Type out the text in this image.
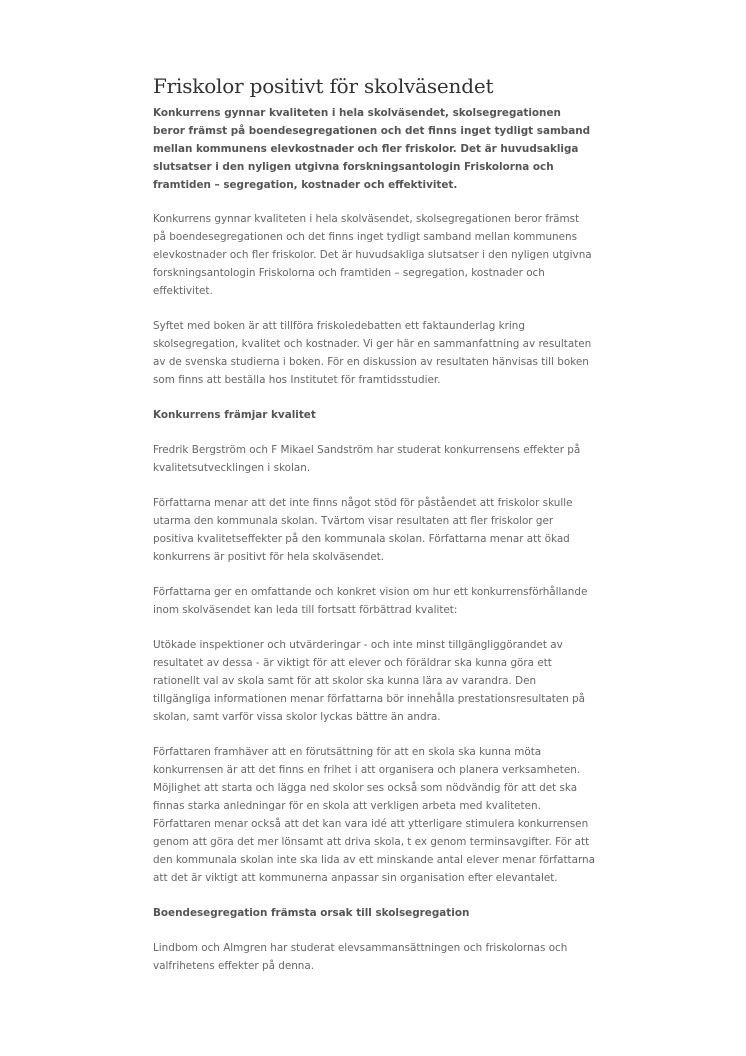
Friskolor positivt för skolväsendet

Konkurrens gynnar kvaliteten i hela skolväsendet, skolsegregationen beror främst på boendesegregationen och det finns inget tydligt samband mellan kommunens elevkostnader och fler friskolor. Det är huvudsakliga slutsatser i den nyligen utgivna forskningsantologin Friskolorna och framtiden – segregation, kostnader och effektivitet.

Konkurrens gynnar kvaliteten i hela skolväsendet, skolsegregationen beror främst på boendesegregationen och det finns inget tydligt samband mellan kommunens elevkostnader och fler friskolor. Det är huvudsakliga slutsatser i den nyligen utgivna forskningsantologin Friskolorna och framtiden – segregation, kostnader och effektivitet.

Syftet med boken är att tillföra friskoledebatten ett faktaunderlag kring skolsegregation, kvalitet och kostnader. Vi ger här en sammanfattning av resultaten av de svenska studierna i boken. För en diskussion av resultaten hänvisas till boken som finns att beställa hos Institutet för framtidsstudier.

Konkurrens främjar kvalitet

Fredrik Bergström och F Mikael Sandström har studerat konkurrensens effekter på kvalitetsutvecklingen i skolan.

Författarna menar att det inte finns något stöd för påståendet att friskolor skulle utarma den kommunala skolan. Tvärtom visar resultaten att fler friskolor ger positiva kvalitetseffekter på den kommunala skolan. Författarna menar att ökad konkurrens är positivt för hela skolväsendet.

Författarna ger en omfattande och konkret vision om hur ett konkurrensförhållande inom skolväsendet kan leda till fortsatt förbättrad kvalitet:

Utökade inspektioner och utvärderingar - och inte minst tillgängliggörandet av resultatet av dessa - är viktigt för att elever och föräldrar ska kunna göra ett rationellt val av skola samt för att skolor ska kunna lära av varandra. Den tillgängliga informationen menar författarna bör innehålla prestationsresultaten på skolan, samt varför vissa skolor lyckas bättre än andra.

Författaren framhäver att en förutsättning för att en skola ska kunna möta konkurrensen är att det finns en frihet i att organisera och planera verksamheten. Möjlighet att starta och lägga ned skolor ses också som nödvändig för att det ska finnas starka anledningar för en skola att verkligen arbeta med kvaliteten. Författaren menar också att det kan vara idé att ytterligare stimulera konkurrensen genom att göra det mer lönsamt att driva skola, t ex genom terminsavgifter. För att den kommunala skolan inte ska lida av ett minskande antal elever menar författarna att det är viktigt att kommunerna anpassar sin organisation efter elevantalet.

Boendesegregation främsta orsak till skolsegregation

Lindbom och Almgren har studerat elevsammansättningen och friskolornas och valfrihetens effekter på denna.
